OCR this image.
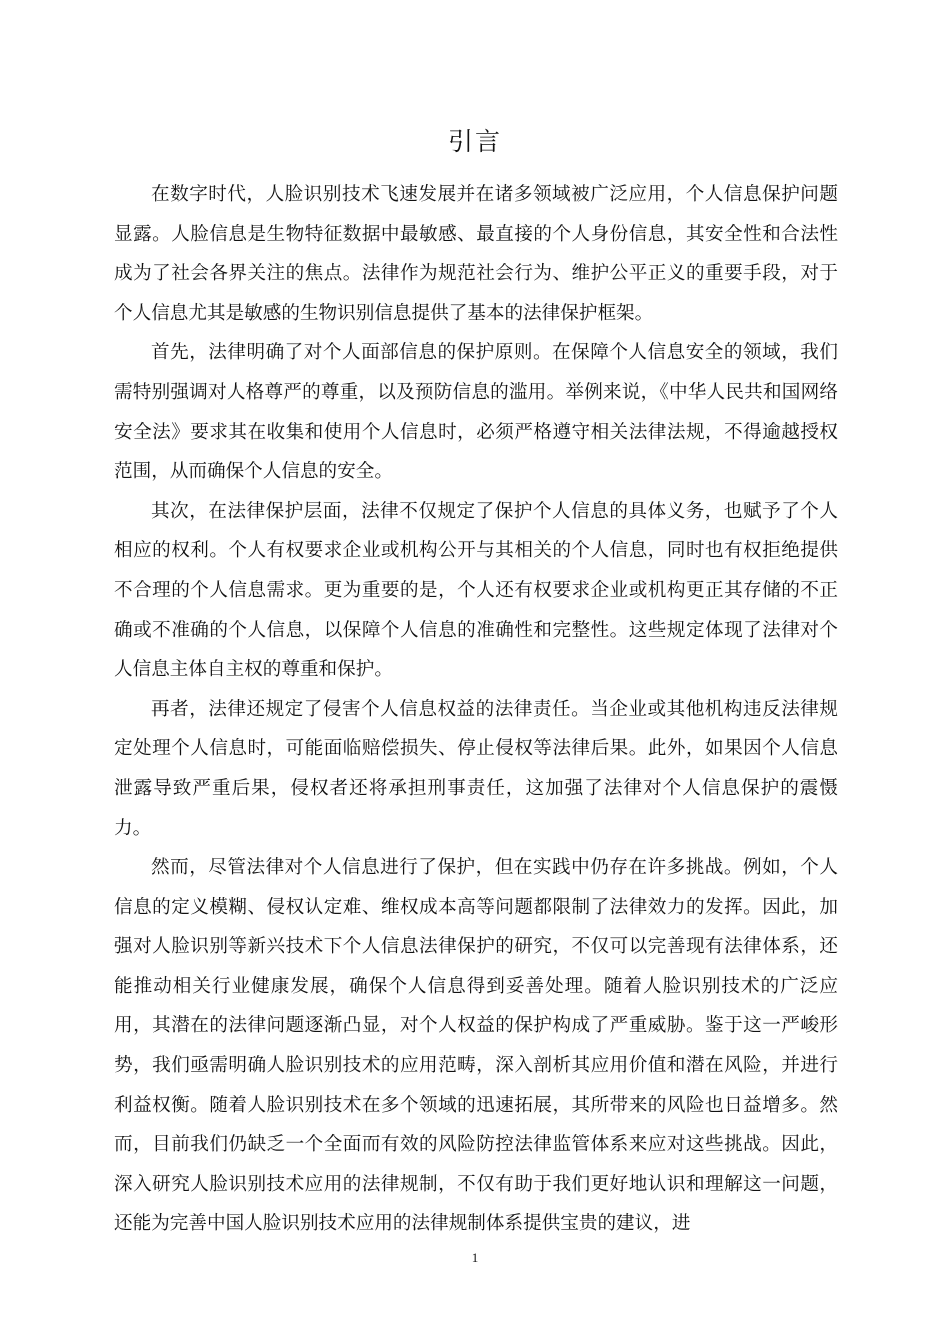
引言

在数字时代，人脸识别技术飞速发展并在诸多领域被广泛应用，个人信息保护问题显露。人脸信息是生物特征数据中最敏感、最直接的个人身份信息，其安全性和合法性成为了社会各界关注的焦点。法律作为规范社会行为、维护公平正义的重要手段，对于个人信息尤其是敏感的生物识别信息提供了基本的法律保护框架。

首先，法律明确了对个人面部信息的保护原则。在保障个人信息安全的领域，我们需特别强调对人格尊严的尊重，以及预防信息的滥用。举例来说，《中华人民共和国网络安全法》要求其在收集和使用个人信息时，必须严格遵守相关法律法规，不得逾越授权范围，从而确保个人信息的安全。

其次，在法律保护层面，法律不仅规定了保护个人信息的具体义务，也赋予了个人相应的权利。个人有权要求企业或机构公开与其相关的个人信息，同时也有权拒绝提供不合理的个人信息需求。更为重要的是，个人还有权要求企业或机构更正其存储的不正确或不准确的个人信息，以保障个人信息的准确性和完整性。这些规定体现了法律对个人信息主体自主权的尊重和保护。

再者，法律还规定了侵害个人信息权益的法律责任。当企业或其他机构违反法律规定处理个人信息时，可能面临赔偿损失、停止侵权等法律后果。此外，如果因个人信息泄露导致严重后果，侵权者还将承担刑事责任，这加强了法律对个人信息保护的震慑力。

然而，尽管法律对个人信息进行了保护，但在实践中仍存在许多挑战。例如，个人信息的定义模糊、侵权认定难、维权成本高等问题都限制了法律效力的发挥。因此，加强对人脸识别等新兴技术下个人信息法律保护的研究，不仅可以完善现有法律体系，还能推动相关行业健康发展，确保个人信息得到妥善处理。随着人脸识别技术的广泛应用，其潜在的法律问题逐渐凸显，对个人权益的保护构成了严重威胁。鉴于这一严峻形势，我们亟需明确人脸识别技术的应用范畴，深入剖析其应用价值和潜在风险，并进行利益权衡。随着人脸识别技术在多个领域的迅速拓展，其所带来的风险也日益增多。然而，目前我们仍缺乏一个全面而有效的风险防控法律监管体系来应对这些挑战。因此，深入研究人脸识别技术应用的法律规制，不仅有助于我们更好地认识和理解这一问题，还能为完善中国人脸识别技术应用的法律规制体系提供宝贵的建议，进

1
